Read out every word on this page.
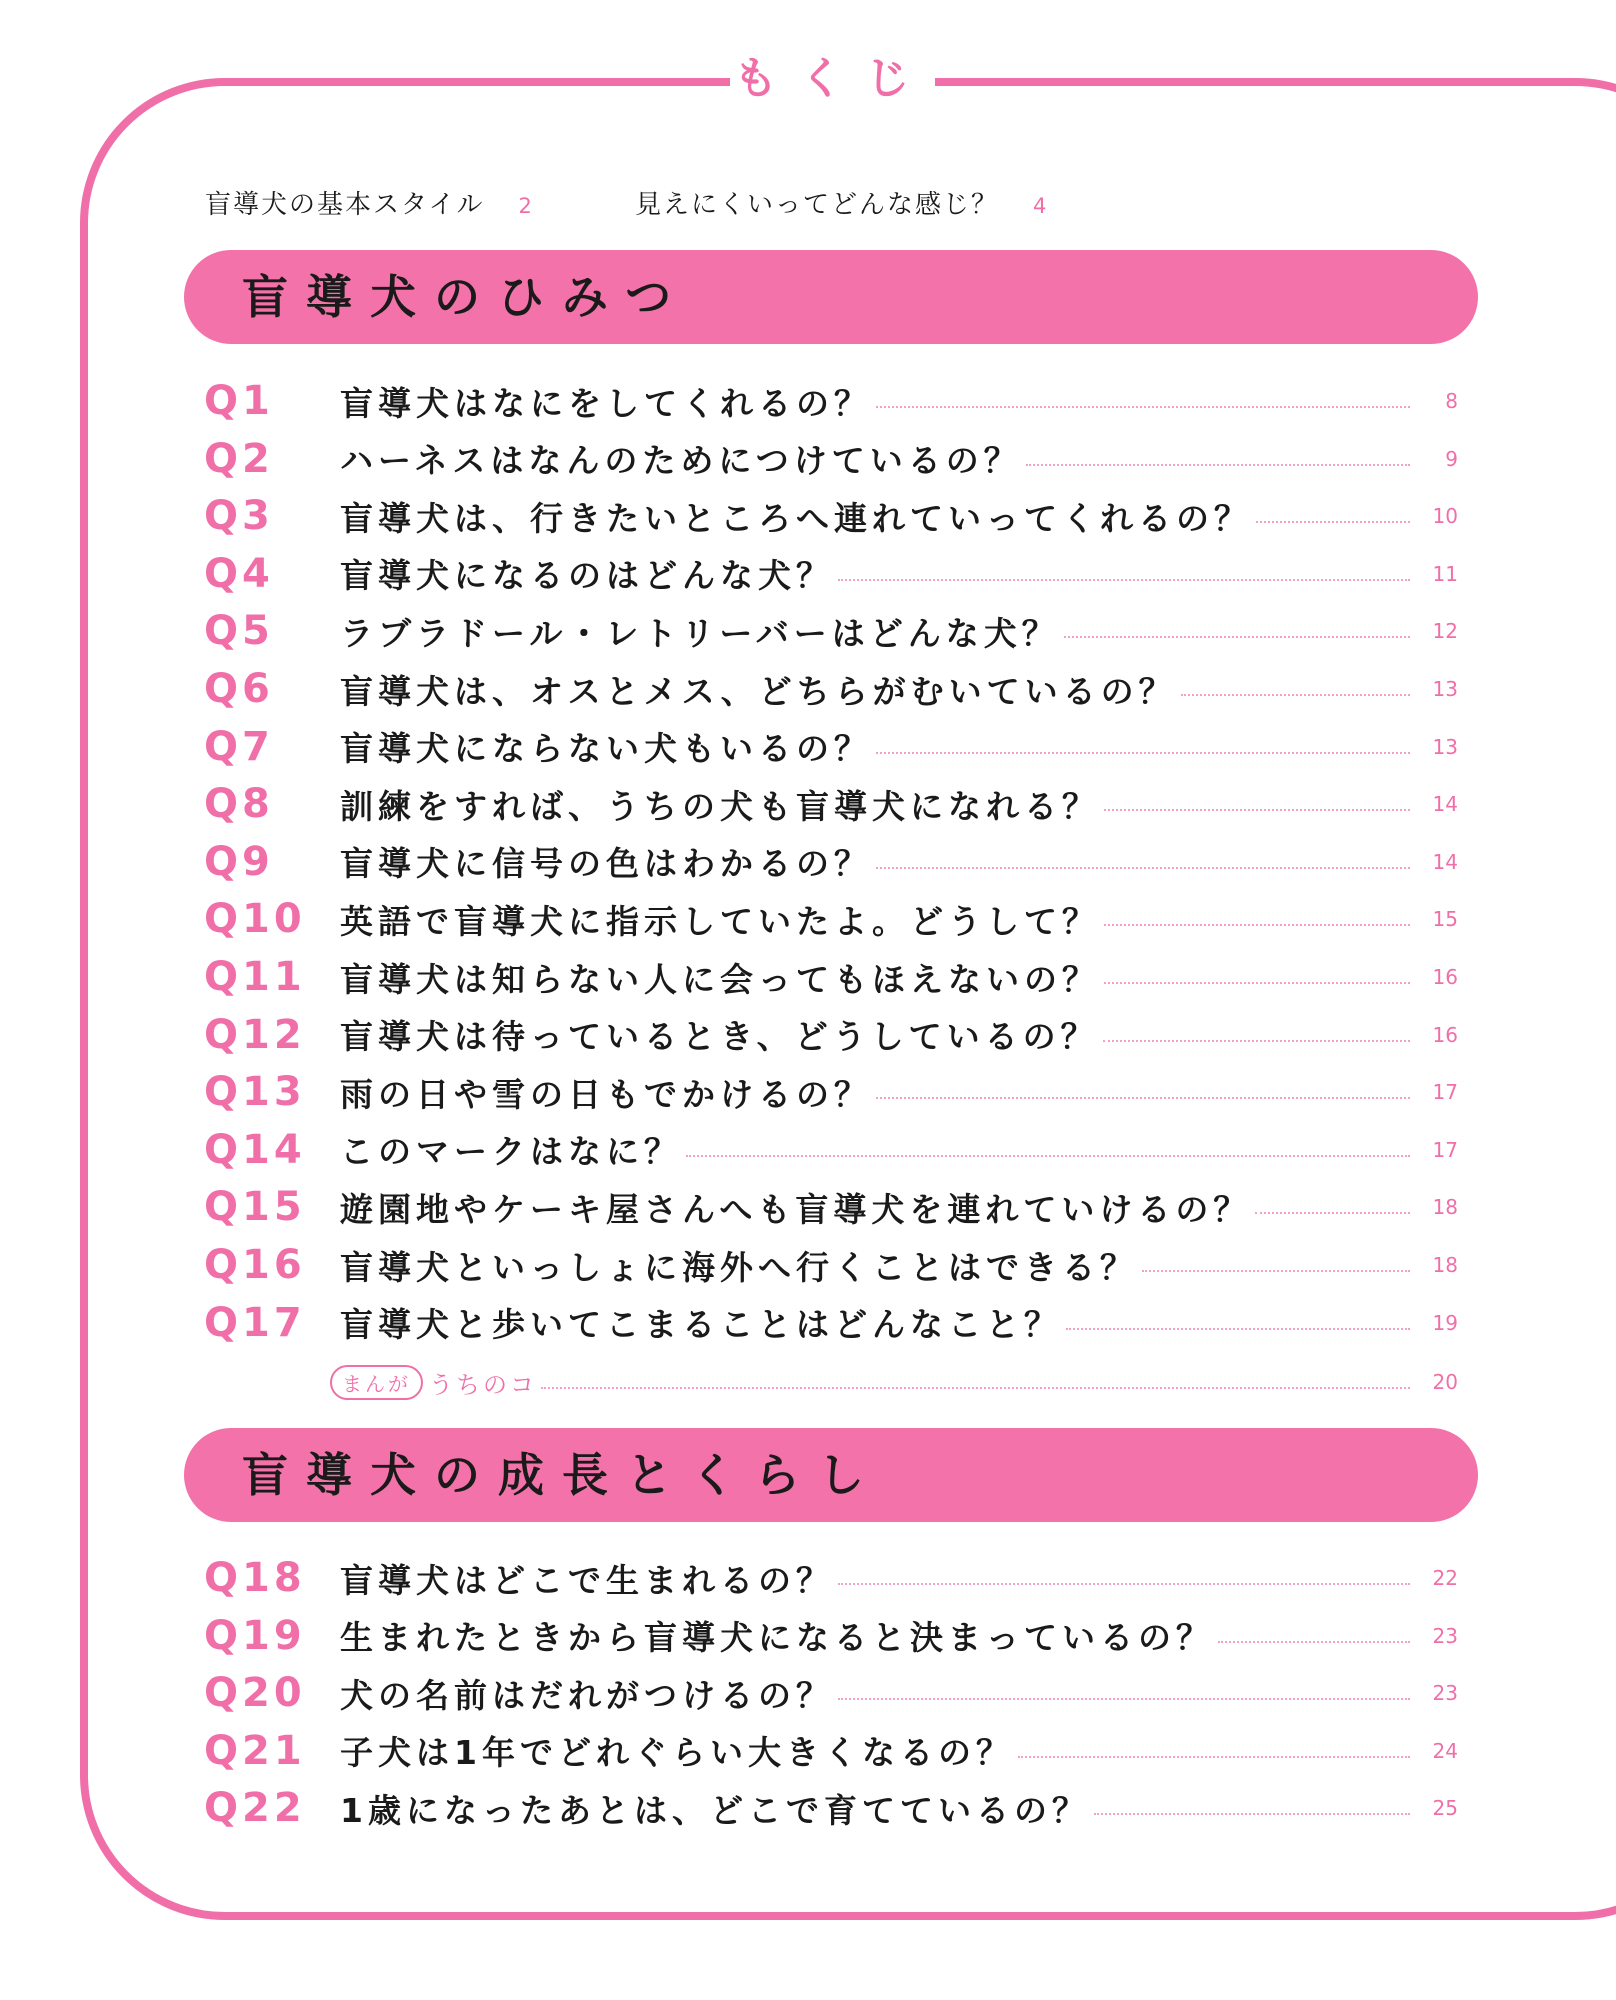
もくじ
盲導犬の基本スタイル 2	見えにくいってどんな感じ？ 4
盲導犬のひみつ
Q1	盲導犬はなにをしてくれるの？	8
Q2	ハーネスはなんのためにつけているの？	9
Q3	盲導犬は、行きたいところへ連れていってくれるの？	10
Q4	盲導犬になるのはどんな犬？	11
Q5	ラブラドール・レトリーバーはどんな犬？	12
Q6	盲導犬は、オスとメス、どちらがむいているの？	13
Q7	盲導犬にならない犬もいるの？	13
Q8	訓練をすれば、うちの犬も盲導犬になれる？	14
Q9	盲導犬に信号の色はわかるの？	14
Q10	英語で盲導犬に指示していたよ。どうして？	15
Q11	盲導犬は知らない人に会ってもほえないの？	16
Q12	盲導犬は待っているとき、どうしているの？	16
Q13	雨の日や雪の日もでかけるの？	17
Q14	このマークはなに？	17
Q15	遊園地やケーキ屋さんへも盲導犬を連れていけるの？	18
Q16	盲導犬といっしょに海外へ行くことはできる？	18
Q17	盲導犬と歩いてこまることはどんなこと？	19
まんが うちのコ	20
盲導犬の成長とくらし
Q18	盲導犬はどこで生まれるの？	22
Q19	生まれたときから盲導犬になると決まっているの？	23
Q20	犬の名前はだれがつけるの？	23
Q21	子犬は1年でどれぐらい大きくなるの？	24
Q22	1歳になったあとは、どこで育てているの？	25
